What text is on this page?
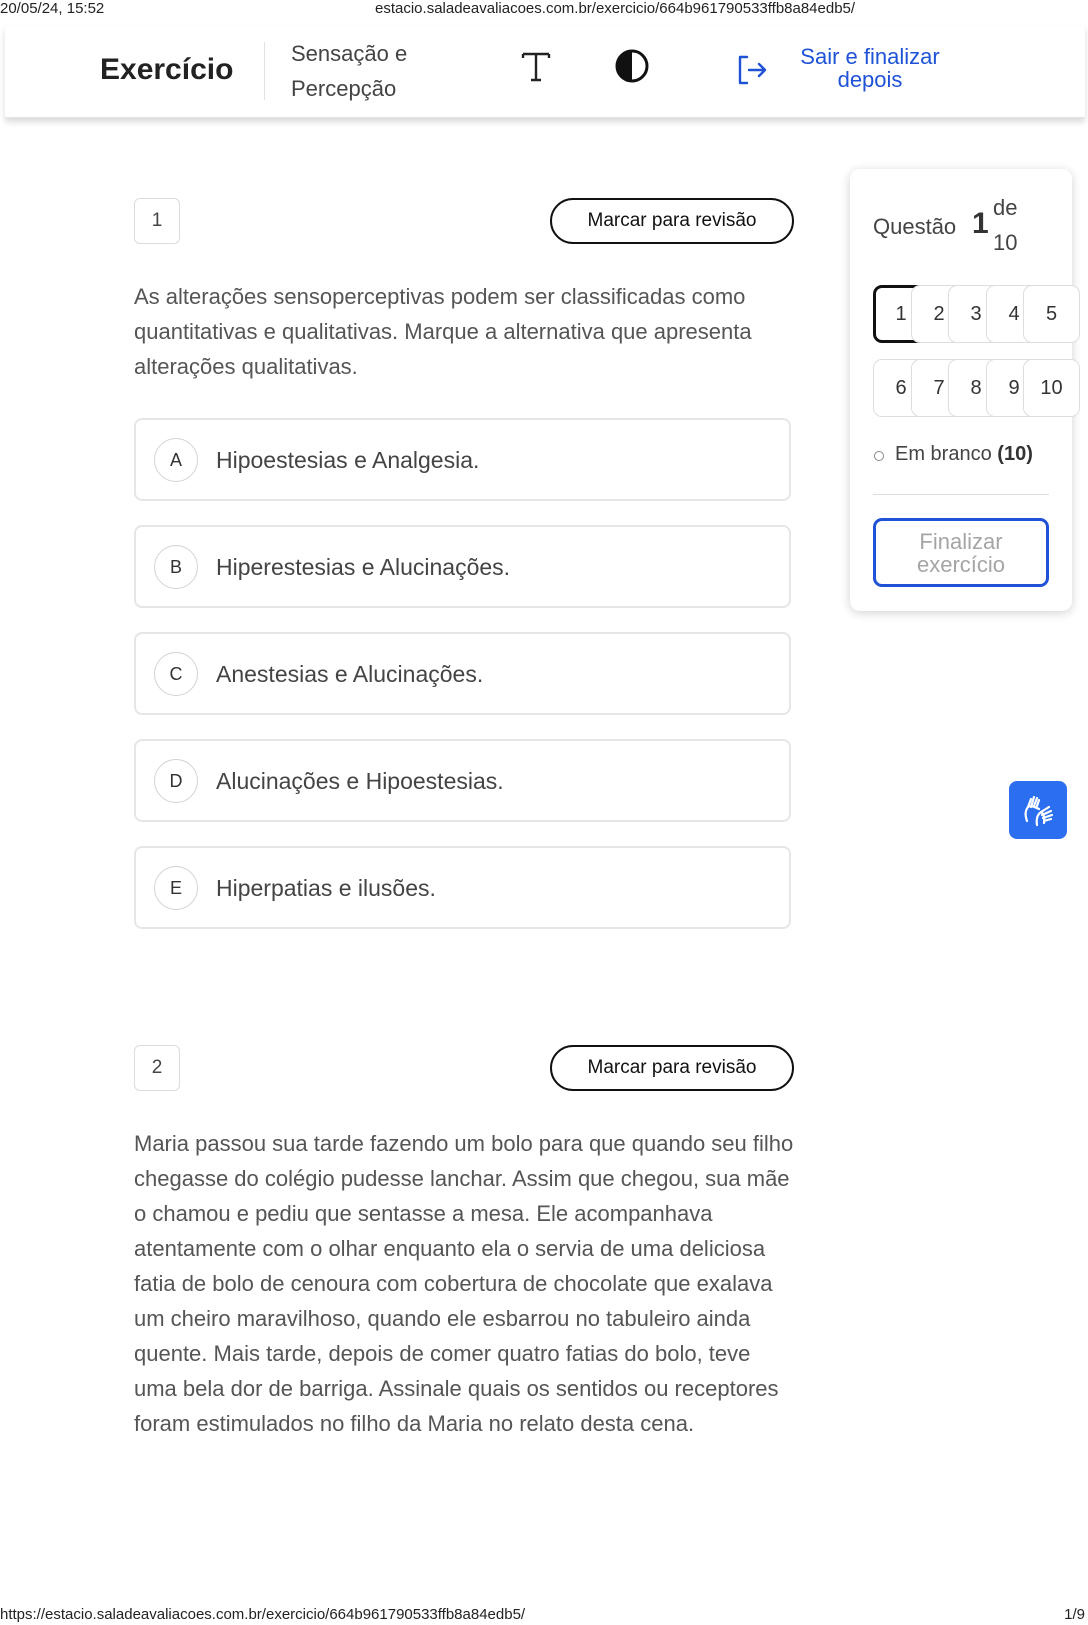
20/05/24, 15:52	estacio.saladeavaliacoes.com.br/exercicio/664b961790533ffb8a84edb5/
Exercício	Sensação e Percepção
Sair e finalizar depois
1	Marcar para revisão
As alterações sensoperceptivas podem ser classificadas como quantitativas e qualitativas. Marque a alternativa que apresenta alterações qualitativas.
A	Hipoestesias e Analgesia.
B	Hiperestesias e Alucinações.
C	Anestesias e Alucinações.
D	Alucinações e Hipoestesias.
E	Hiperpatias e ilusões.
2	Marcar para revisão
Maria passou sua tarde fazendo um bolo para que quando seu filho chegasse do colégio pudesse lanchar. Assim que chegou, sua mãe o chamou e pediu que sentasse a mesa. Ele acompanhava atentamente com o olhar enquanto ela o servia de uma deliciosa fatia de bolo de cenoura com cobertura de chocolate que exalava um cheiro maravilhoso, quando ele esbarrou no tabuleiro ainda quente. Mais tarde, depois de comer quatro fatias do bolo, teve uma bela dor de barriga. Assinale quais os sentidos ou receptores foram estimulados no filho da Maria no relato desta cena.
Questão 1 de
10
1	2	3	4	5
6	7	8	9	10
Em branco (10)
Finalizar exercício
https://estacio.saladeavaliacoes.com.br/exercicio/664b961790533ffb8a84edb5/	1/9
